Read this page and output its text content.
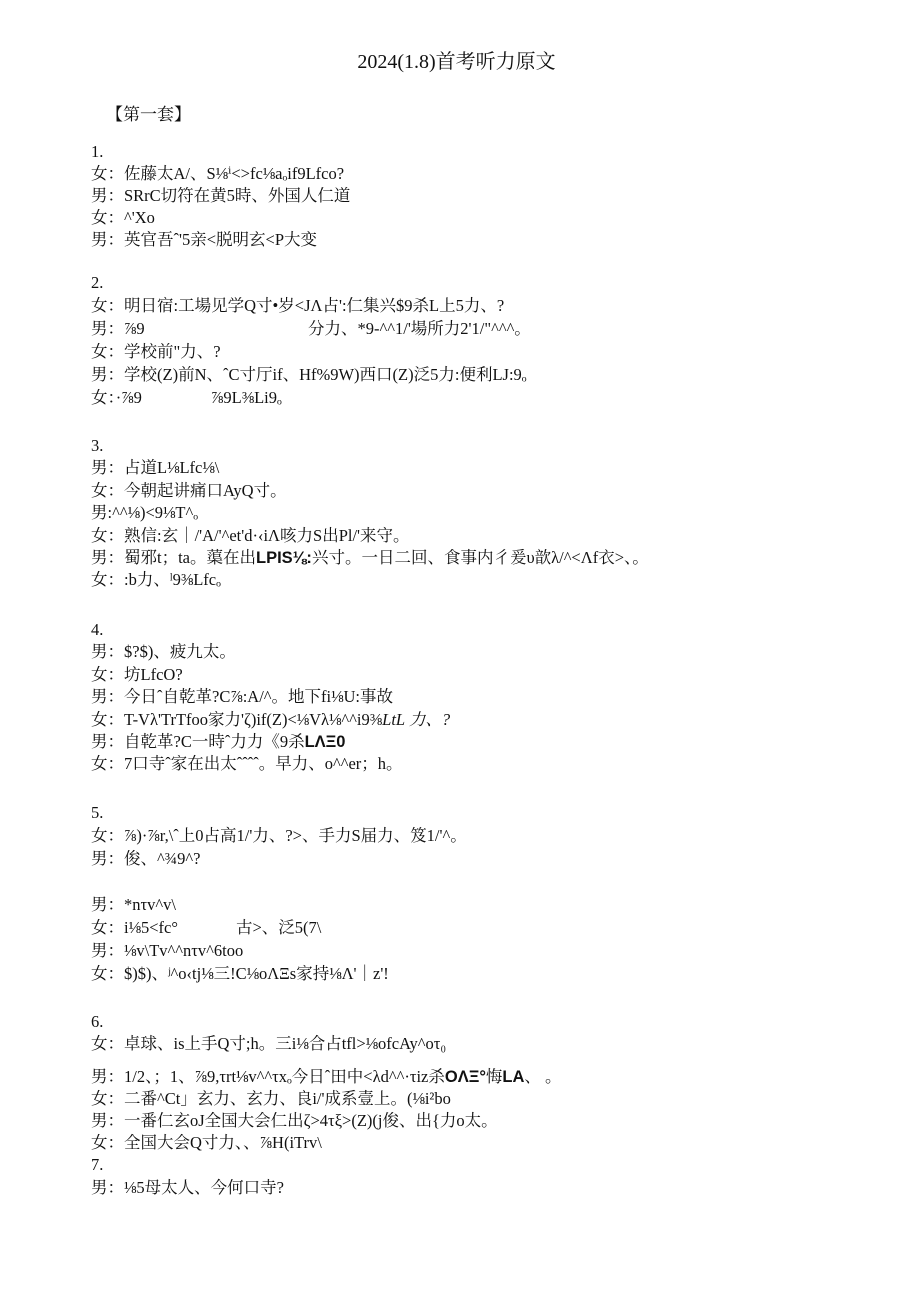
2024(1.8)首考听力原文
【第一套】
1.
女：佐藤太A/、S⅛ⁱ<>fc⅛aₒif9Lfco?
男：SRrC切符在黄5時、外国人仁道
女：^'Xo
男：英官吾ˆ'5亲<脱明玄<P大变
2.
女：明日宿:工場见学Q寸•岁<JΛ占':仁集兴$9杀L上5力、?
男：⅞9	分力、*9-^^1/'場所力2'1/"^^^。
女：学校前"力、?
男：学校(Z)前N、ˆC寸厅if、Hf%9W)西口(Z)泛5力:便利LJ:9ₒ
女：·⅞9	⅞9L⅜Li9ₒ
3.
男：占道L⅛Lfc⅛\
女：今朝起讲痛口AyQ寸。
男:^^⅛)<9⅛T^ₒ
女：熟信:玄｜/'A/'^et'd·‹iΛ咳力S出Pl/'来守。
男：蜀邪t；ta。蕖在出LPIS⅛:兴寸。一日二回、食事内彳爰υ歆λ/^<Λf衣>、。
女：:b力、ˡ9⅜Lfcₒ
4.
男：$?$)、疲九太。
女：坊LfcO?
男：今日ˆ自乾革?C⅞:A/^。地下fi⅛U:事故
女：T-Vλ'TrTfoo家力'ζ)if(Z)<⅛Vλ⅛^^i9⅜LtL 力、?
男：自乾革?C一時ˆ力力《9杀LΛΞ0
女：7口寺ˆ家在出太ˆˆˆˆ。早力、o^^er；h。
5.
女：⅞)·⅞r,\ˆ上0占高1/'力、?>、手力S届力、笈1/'^。
男：俊、^¾9^?
男：*nτv^v\
女：i⅛5<fc°	古>、泛5(7\
男：⅛v\Tv^^nτv^6too
女：$)$)、ʲ^o‹tj⅛三!C⅛oΛΞs家持⅛Λ'｜z'!
6.
女：卓球、is上手Q寸;h。三i⅛合占tfl>⅛ofcAy^oτ₀
男：1/2、；1、⅞9,τrt⅛v^^τxₒ今日ˆ田中<λd^^·τiz杀OΛΞ°悔LA、 。
女：二番^Ct」玄力、玄力、良i/'成系壹上。(⅛i²bo
男：一番仁玄oJ全国大会仁出ζ>4τξ>(Z)(j俊、出{力o太。
女：全国大会Q寸力、、⅞H(iTrv\
7.
男：⅛5母太人、今何口寺?
